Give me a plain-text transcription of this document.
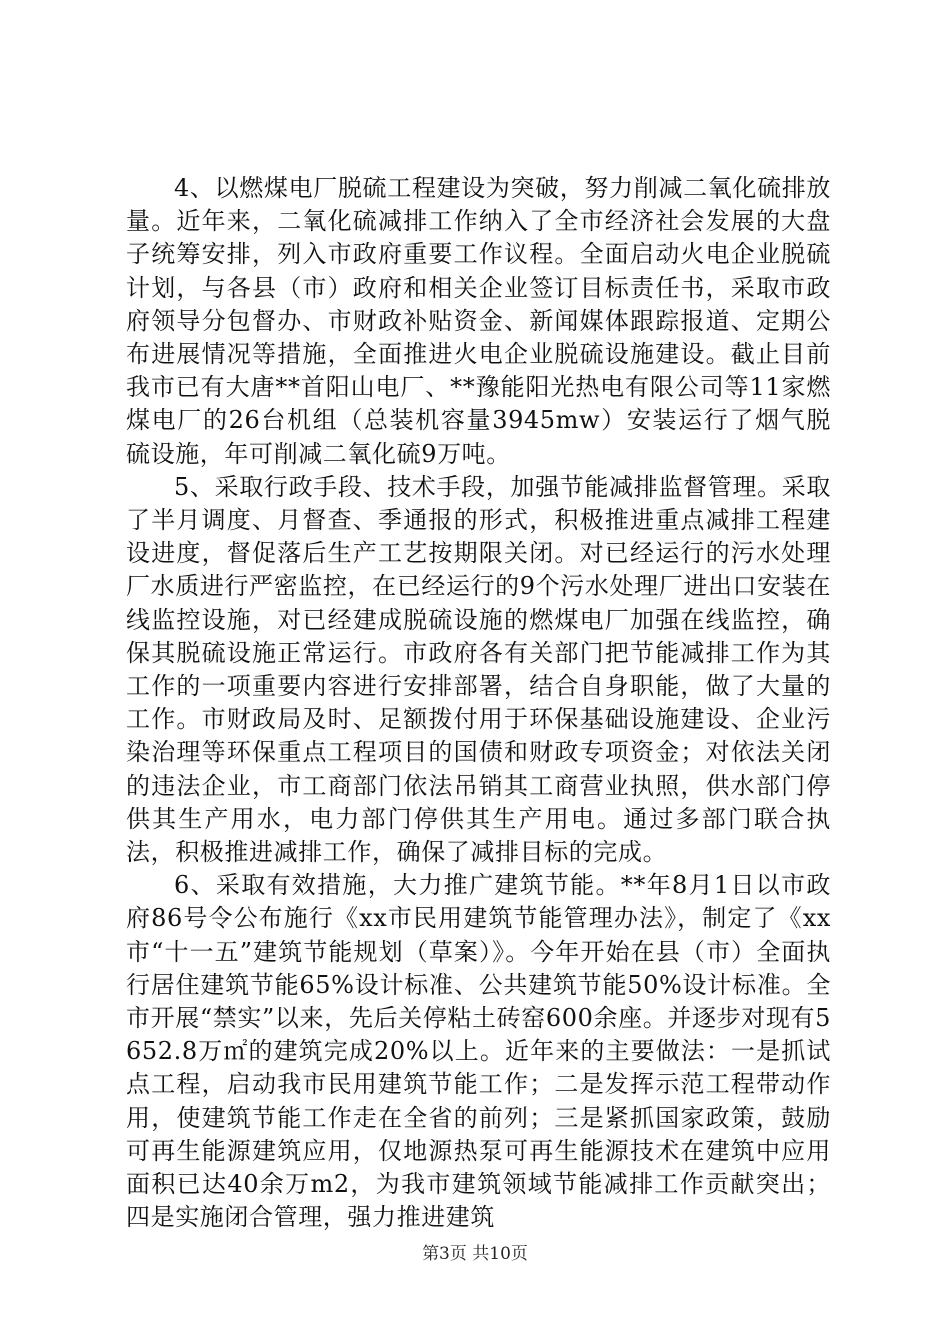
4、以燃煤电厂脱硫工程建设为突破，努力削减二氧化硫排放量。近年来，二氧化硫减排工作纳入了全市经济社会发展的大盘子统筹安排，列入市政府重要工作议程。全面启动火电企业脱硫计划，与各县（市）政府和相关企业签订目标责任书，采取市政府领导分包督办、市财政补贴资金、新闻媒体跟踪报道、定期公布进展情况等措施，全面推进火电企业脱硫设施建设。截止目前我市已有大唐**首阳山电厂、**豫能阳光热电有限公司等11家燃煤电厂的26台机组（总装机容量3945mw）安装运行了烟气脱硫设施，年可削减二氧化硫9万吨。

5、采取行政手段、技术手段，加强节能减排监督管理。采取了半月调度、月督查、季通报的形式，积极推进重点减排工程建设进度，督促落后生产工艺按期限关闭。对已经运行的污水处理厂水质进行严密监控，在已经运行的9个污水处理厂进出口安装在线监控设施，对已经建成脱硫设施的燃煤电厂加强在线监控，确保其脱硫设施正常运行。市政府各有关部门把节能减排工作为其工作的一项重要内容进行安排部署，结合自身职能，做了大量的工作。市财政局及时、足额拨付用于环保基础设施建设、企业污染治理等环保重点工程项目的国债和财政专项资金；对依法关闭的违法企业，市工商部门依法吊销其工商营业执照，供水部门停供其生产用水，电力部门停供其生产用电。通过多部门联合执法，积极推进减排工作，确保了减排目标的完成。

6、采取有效措施，大力推广建筑节能。**年8月1日以市政府86号令公布施行《xx市民用建筑节能管理办法》，制定了《xx市“十一五”建筑节能规划（草案）》。今年开始在县（市）全面执行居住建筑节能65%设计标准、公共建筑节能50%设计标准。全市开展“禁实”以来，先后关停粘土砖窑600余座。并逐步对现有5652.8万㎡的建筑完成20%以上。近年来的主要做法：一是抓试点工程，启动我市民用建筑节能工作；二是发挥示范工程带动作用，使建筑节能工作走在全省的前列；三是紧抓国家政策，鼓励可再生能源建筑应用，仅地源热泵可再生能源技术在建筑中应用面积已达40余万m2，为我市建筑领域节能减排工作贡献突出；四是实施闭合管理，强力推进建筑

第3页 共10页
